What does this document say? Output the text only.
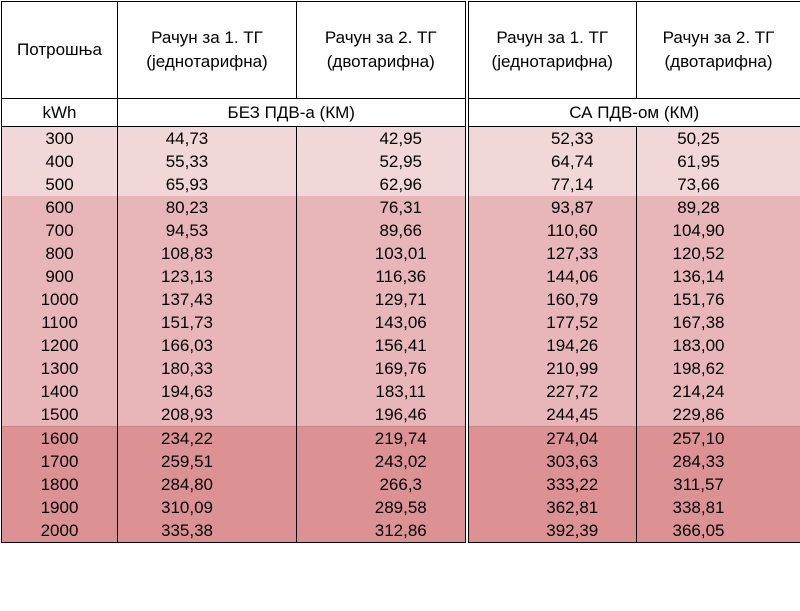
Потрошња	Рачун за 1. ТГ (једнотарифна)	Рачун за 2. ТГ (двотарифна)	Рачун за 1. ТГ (једнотарифна)	Рачун за 2. ТГ (двотарифна)
kWh	БЕЗ ПДВ-а (КМ)		СА ПДВ-ом (КМ)	
300	44,73	42,95	52,33	50,25
400	55,33	52,95	64,74	61,95
500	65,93	62,96	77,14	73,66
600	80,23	76,31	93,87	89,28
700	94,53	89,66	110,60	104,90
800	108,83	103,01	127,33	120,52
900	123,13	116,36	144,06	136,14
1000	137,43	129,71	160,79	151,76
1100	151,73	143,06	177,52	167,38
1200	166,03	156,41	194,26	183,00
1300	180,33	169,76	210,99	198,62
1400	194,63	183,11	227,72	214,24
1500	208,93	196,46	244,45	229,86
1600	234,22	219,74	274,04	257,10
1700	259,51	243,02	303,63	284,33
1800	284,80	266,3	333,22	311,57
1900	310,09	289,58	362,81	338,81
2000	335,38	312,86	392,39	366,05
